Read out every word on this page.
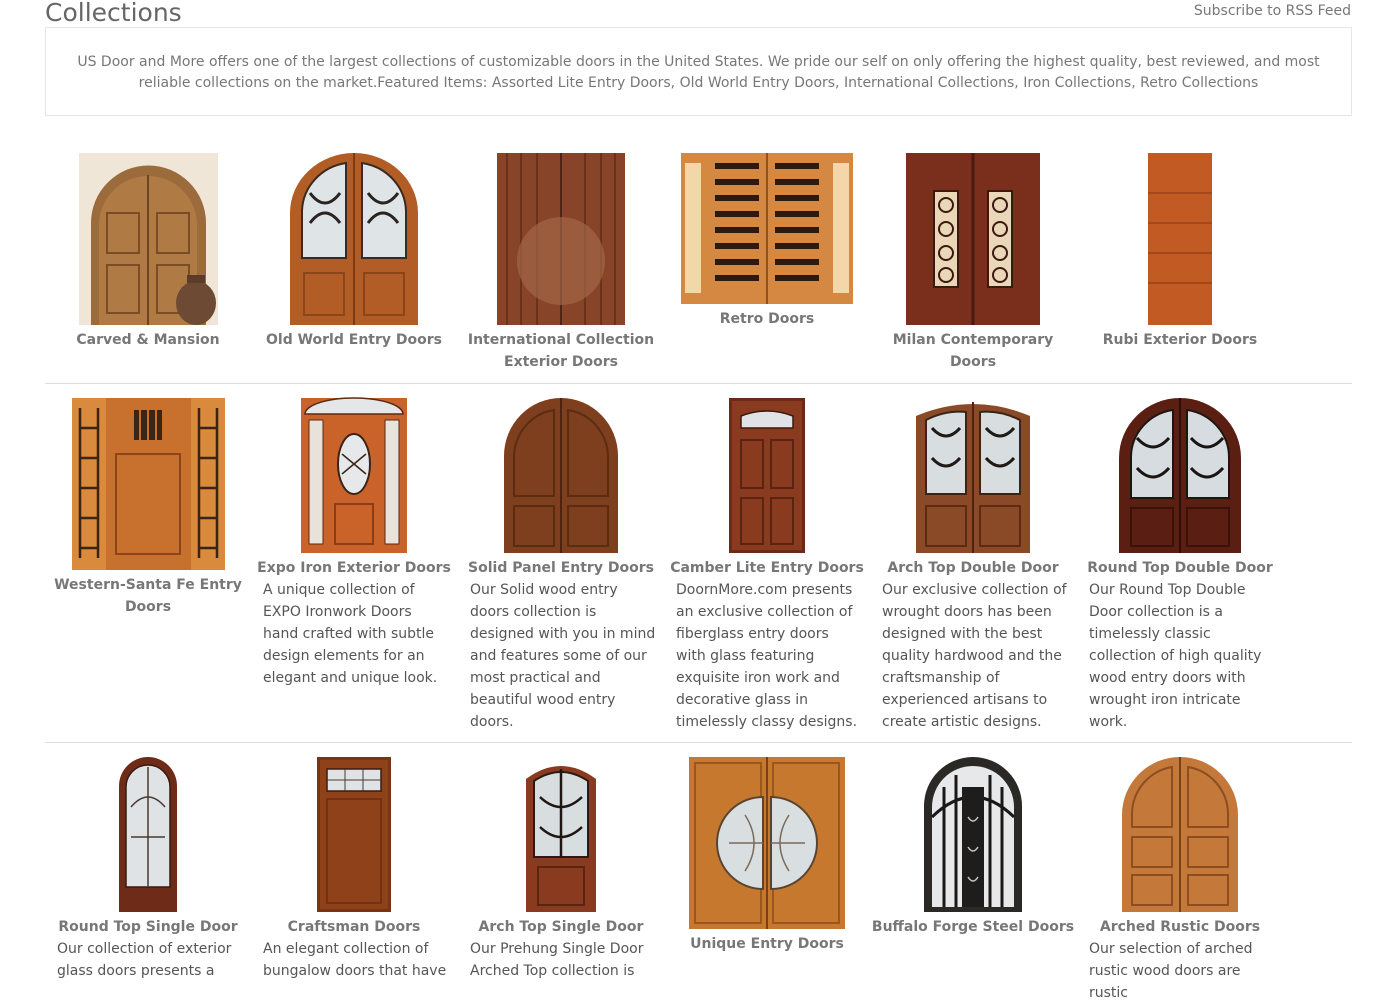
Collections	Subscribe to RSS Feed

US Door and More offers one of the largest collections of customizable doors in the United States. We pride our self on only offering the highest quality, best reviewed, and most reliable collections on the market.Featured Items: Assorted Lite Entry Doors, Old World Entry Doors, International Collections, Iron Collections, Retro Collections

Carved & Mansion	Old World Entry Doors	International Collection Exterior Doors
Retro Doors
Milan Contemporary Doors
Rubi Exterior Doors
Western-Santa Fe Entry Doors
Expo Iron Exterior Doors

A unique collection of EXPO Ironwork Doors hand crafted with subtle design elements for an elegant and unique look.

Solid Panel Entry Doors

Our Solid wood entry doors collection is designed with you in mind and features some of our most practical and beautiful wood entry doors.

Camber Lite Entry Doors

DoornMore.com presents an exclusive collection of fiberglass entry doors with glass featuring exquisite iron work and decorative glass in timelessly classy designs.

Arch Top Double Door

Our exclusive collection of wrought doors has been designed with the best quality hardwood and the craftsmanship of experienced artisans to create artistic designs.

Round Top Double Door

Our Round Top Double Door collection is a timelessly classic collection of high quality wood entry doors with wrought iron intricate work.

Round Top Single Door

Our collection of exterior glass doors presents a

Craftsman Doors

An elegant collection of bungalow doors that have

Arch Top Single Door

Our Prehung Single Door Arched Top collection is

Unique Entry Doors
Buffalo Forge Steel Doors	Arched Rustic Doors

Our selection of arched rustic wood doors are rustic
